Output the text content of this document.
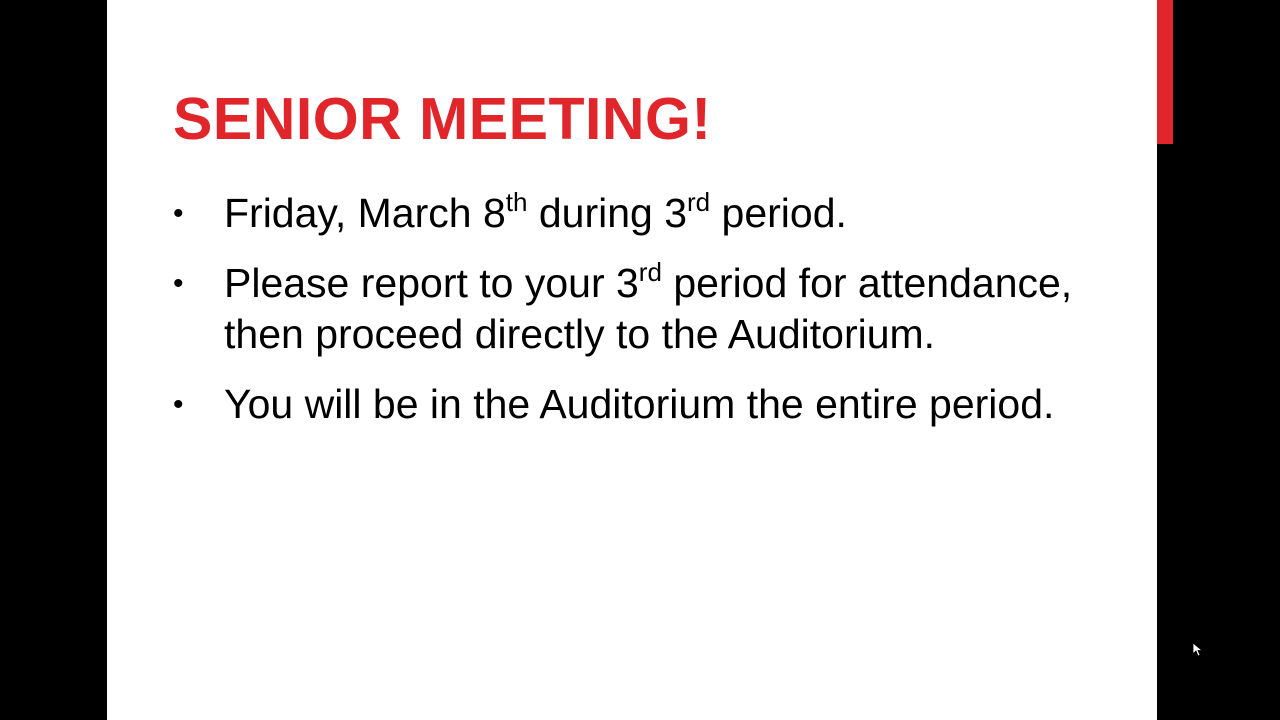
SENIOR MEETING!
• Friday, March 8th during 3rd period.
• Please report to your 3rd period for attendance, then proceed directly to the Auditorium.
• You will be in the Auditorium the entire period.
